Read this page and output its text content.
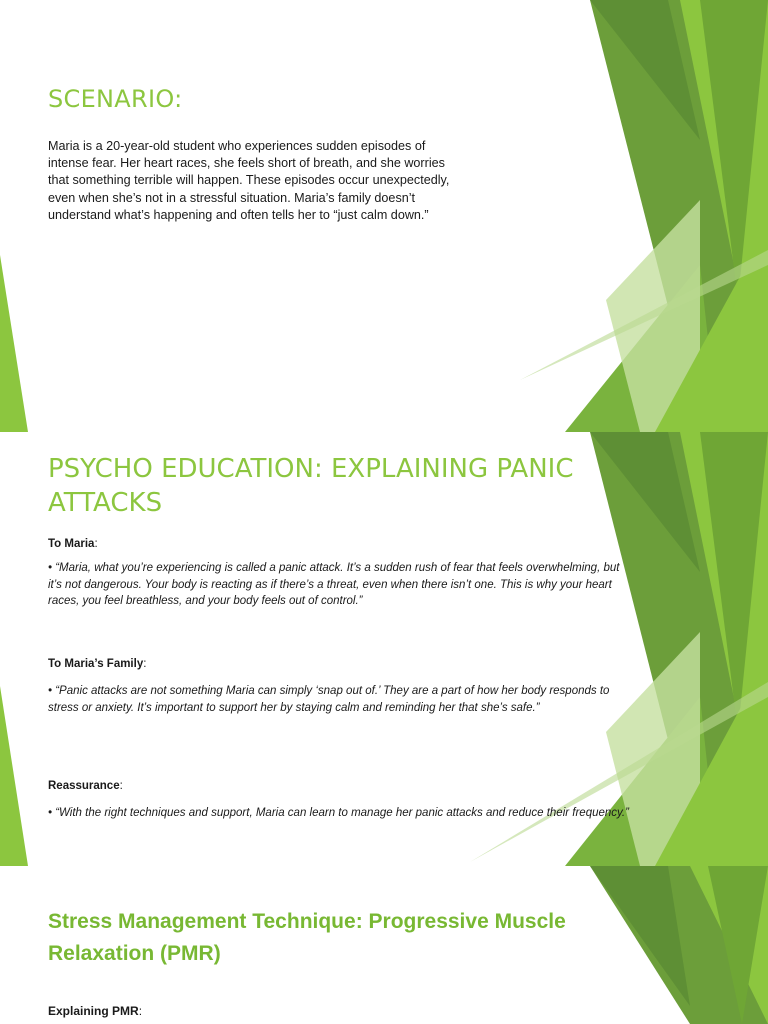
SCENARIO:

Maria is a 20-year-old student who experiences sudden episodes of intense fear. Her heart races, she feels short of breath, and she worries that something terrible will happen. These episodes occur unexpectedly, even when she’s not in a stressful situation. Maria’s family doesn’t understand what’s happening and often tells her to “just calm down.”

PSYCHO EDUCATION: EXPLAINING PANIC ATTACKS

To Maria:

• “Maria, what you’re experiencing is called a panic attack. It’s a sudden rush of fear that feels overwhelming, but it’s not dangerous. Your body is reacting as if there’s a threat, even when there isn’t one. This is why your heart races, you feel breathless, and your body feels out of control.”

To Maria’s Family:

• “Panic attacks are not something Maria can simply ‘snap out of.’ They are a part of how her body responds to stress or anxiety. It’s important to support her by staying calm and reminding her that she’s safe.”

Reassurance:

• “With the right techniques and support, Maria can learn to manage her panic attacks and reduce their frequency.”

Stress Management Technique: Progressive Muscle Relaxation (PMR)

Explaining PMR:
